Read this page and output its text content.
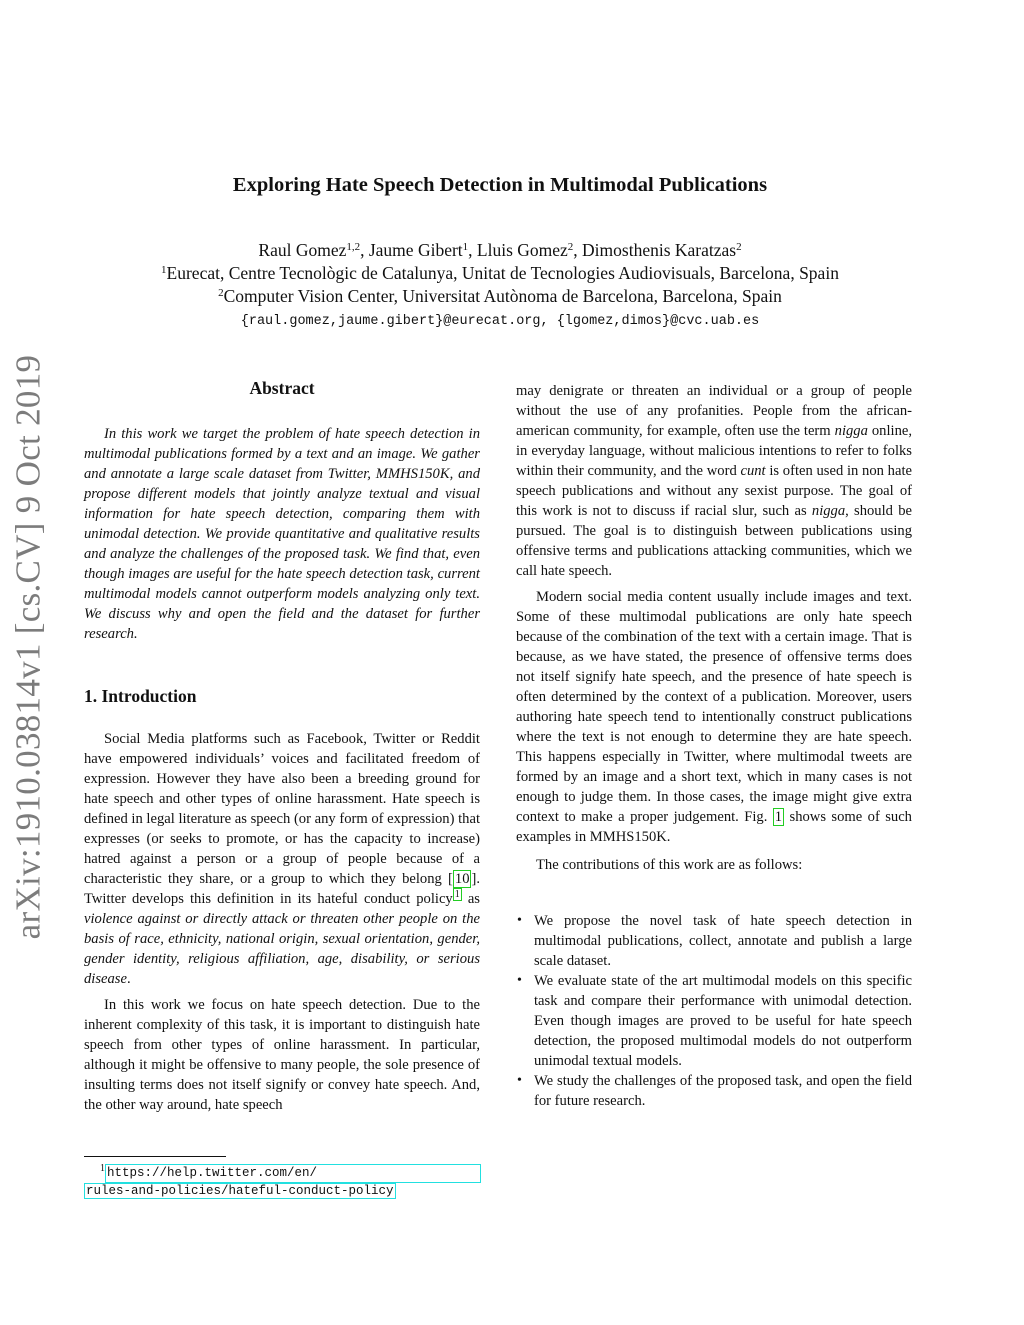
arXiv:1910.03814v1 [cs.CV] 9 Oct 2019
Exploring Hate Speech Detection in Multimodal Publications
Raul Gomez$^{1,2}$, Jaume Gibert$^1$, Lluis Gomez$^2$, Dimosthenis Karatzas$^2$
$^1$Eurecat, Centre Tecnològic de Catalunya, Unitat de Tecnologies Audiovisuals, Barcelona, Spain
$^2$Computer Vision Center, Universitat Autònoma de Barcelona, Barcelona, Spain
{raul.gomez,jaume.gibert}@eurecat.org, {lgomez,dimos}@cvc.uab.es
Abstract

In this work we target the problem of hate speech detection in multimodal publications formed by a text and an image. We gather and annotate a large scale dataset from Twitter, MMHS150K, and propose different models that jointly analyze textual and visual information for hate speech detection, comparing them with unimodal detection. We provide quantitative and qualitative results and analyze the challenges of the proposed task. We find that, even though images are useful for the hate speech detection task, current multimodal models cannot outperform models analyzing only text. We discuss why and open the field and the dataset for further research.

1. Introduction

Social Media platforms such as Facebook, Twitter or Reddit have empowered individuals’ voices and facilitated freedom of expression. However they have also been a breeding ground for hate speech and other types of online harassment. Hate speech is defined in legal literature as speech (or any form of expression) that expresses (or seeks to promote, or has the capacity to increase) hatred against a person or a group of people because of a characteristic they share, or a group to which they belong [ 10 ]. Twitter develops this definition in its hateful conduct policy $^1$ as violence against or directly attack or threaten other people on the basis of race, ethnicity, national origin, sexual orientation, gender, gender identity, religious affiliation, age, disability, or serious disease.

In this work we focus on hate speech detection. Due to the inherent complexity of this task, it is important to distinguish hate speech from other types of online harassment. In particular, although it might be offensive to many people, the sole presence of insulting terms does not itself signify or convey hate speech. And, the other way around, hate speech

may denigrate or threaten an individual or a group of people without the use of any profanities. People from the african-american community, for example, often use the term nigga online, in everyday language, without malicious intentions to refer to folks within their community, and the word cunt is often used in non hate speech publications and without any sexist purpose. The goal of this work is not to discuss if racial slur, such as nigga, should be pursued. The goal is to distinguish between publications using offensive terms and publications attacking communities, which we call hate speech.

Modern social media content usually include images and text. Some of these multimodal publications are only hate speech because of the combination of the text with a certain image. That is because, as we have stated, the presence of offensive terms does not itself signify hate speech, and the presence of hate speech is often determined by the context of a publication. Moreover, users authoring hate speech tend to intentionally construct publications where the text is not enough to determine they are hate speech. This happens especially in Twitter, where multimodal tweets are formed by an image and a short text, which in many cases is not enough to judge them. In those cases, the image might give extra context to make a proper judgement. Fig. 1 shows some of such examples in MMHS150K.

The contributions of this work are as follows:

• We propose the novel task of hate speech detection in multimodal publications, collect, annotate and publish a large scale dataset.
• We evaluate state of the art multimodal models on this specific task and compare their performance with unimodal detection. Even though images are proved to be useful for hate speech detection, the proposed multimodal models do not outperform unimodal textual models.
• We study the challenges of the proposed task, and open the field for future research.
$^1$ https://help.twitter.com/en/
rules-and-policies/hateful-conduct-policy
